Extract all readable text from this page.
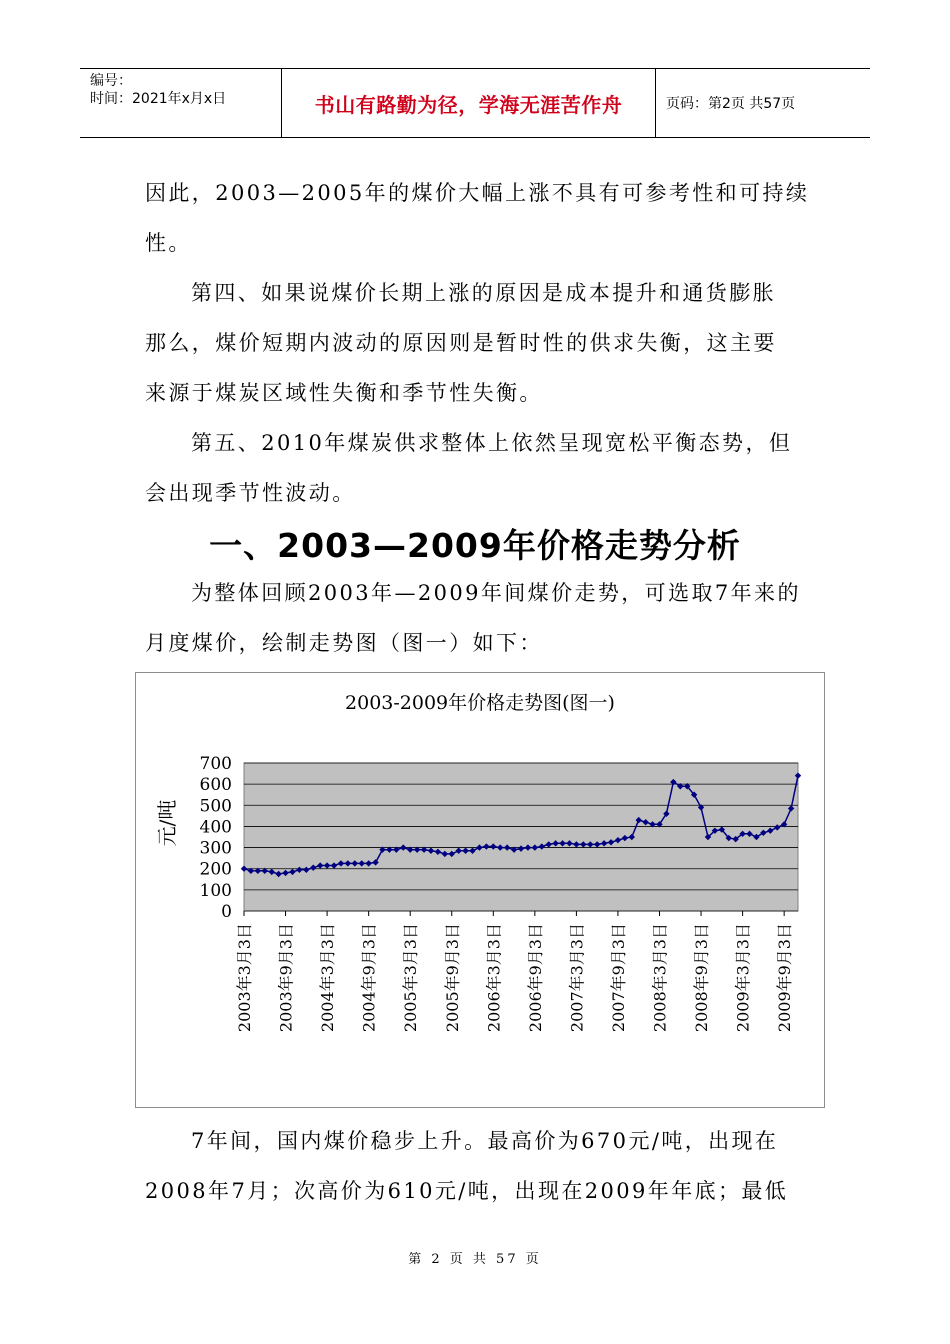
编号：
时间：2021年x月x日	书山有路勤为径，学海无涯苦作舟	页码：第2页 共57页

因此，2003—2005年的煤价大幅上涨不具有可参考性和可持续

性。

第四、如果说煤价长期上涨的原因是成本提升和通货膨胀

那么，煤价短期内波动的原因则是暂时性的供求失衡，这主要

来源于煤炭区域性失衡和季节性失衡。

第五、2010年煤炭供求整体上依然呈现宽松平衡态势，但

会出现季节性波动。

一、2003—2009年价格走势分析

为整体回顾2003年—2009年间煤价走势，可选取7年来的

月度煤价，绘制走势图（图一）如下：

2003-2009年价格走势图(图一)
0
100
200
300
400
500
600
700
2003年3月3日 2003年9月3日 2004年3月3日 2004年9月3日 2005年3月3日 2005年9月3日 2006年3月3日 2006年9月3日 2007年3月3日 2007年9月3日 2008年3月3日 2008年9月3日 2009年3月3日 2009年9月3日
元/吨

7年间，国内煤价稳步上升。最高价为670元/吨，出现在

2008年7月；次高价为610元/吨，出现在2009年年底；最低

第 2 页 共 57 页
